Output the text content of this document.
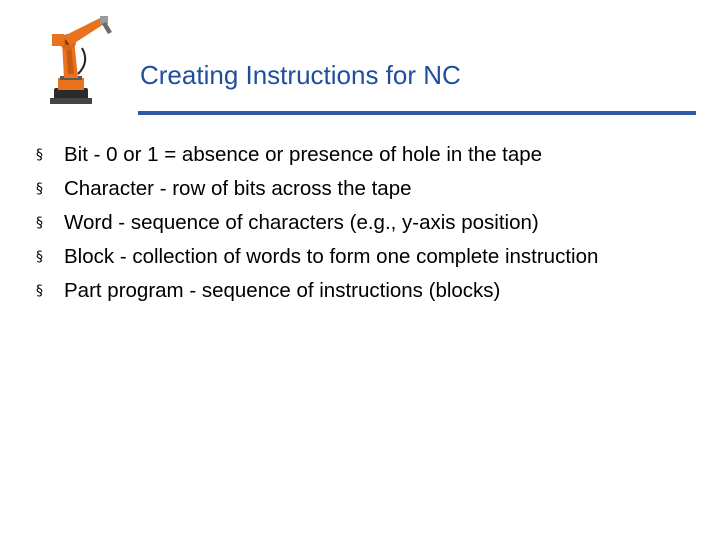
Creating Instructions for NC
§	Bit - 0 or 1 = absence or presence of hole in the tape
§	Character - row of bits across the tape
§	Word - sequence of characters (e.g., y-axis position)
§	Block - collection of words to form one complete instruction
§	Part program - sequence of instructions (blocks)
